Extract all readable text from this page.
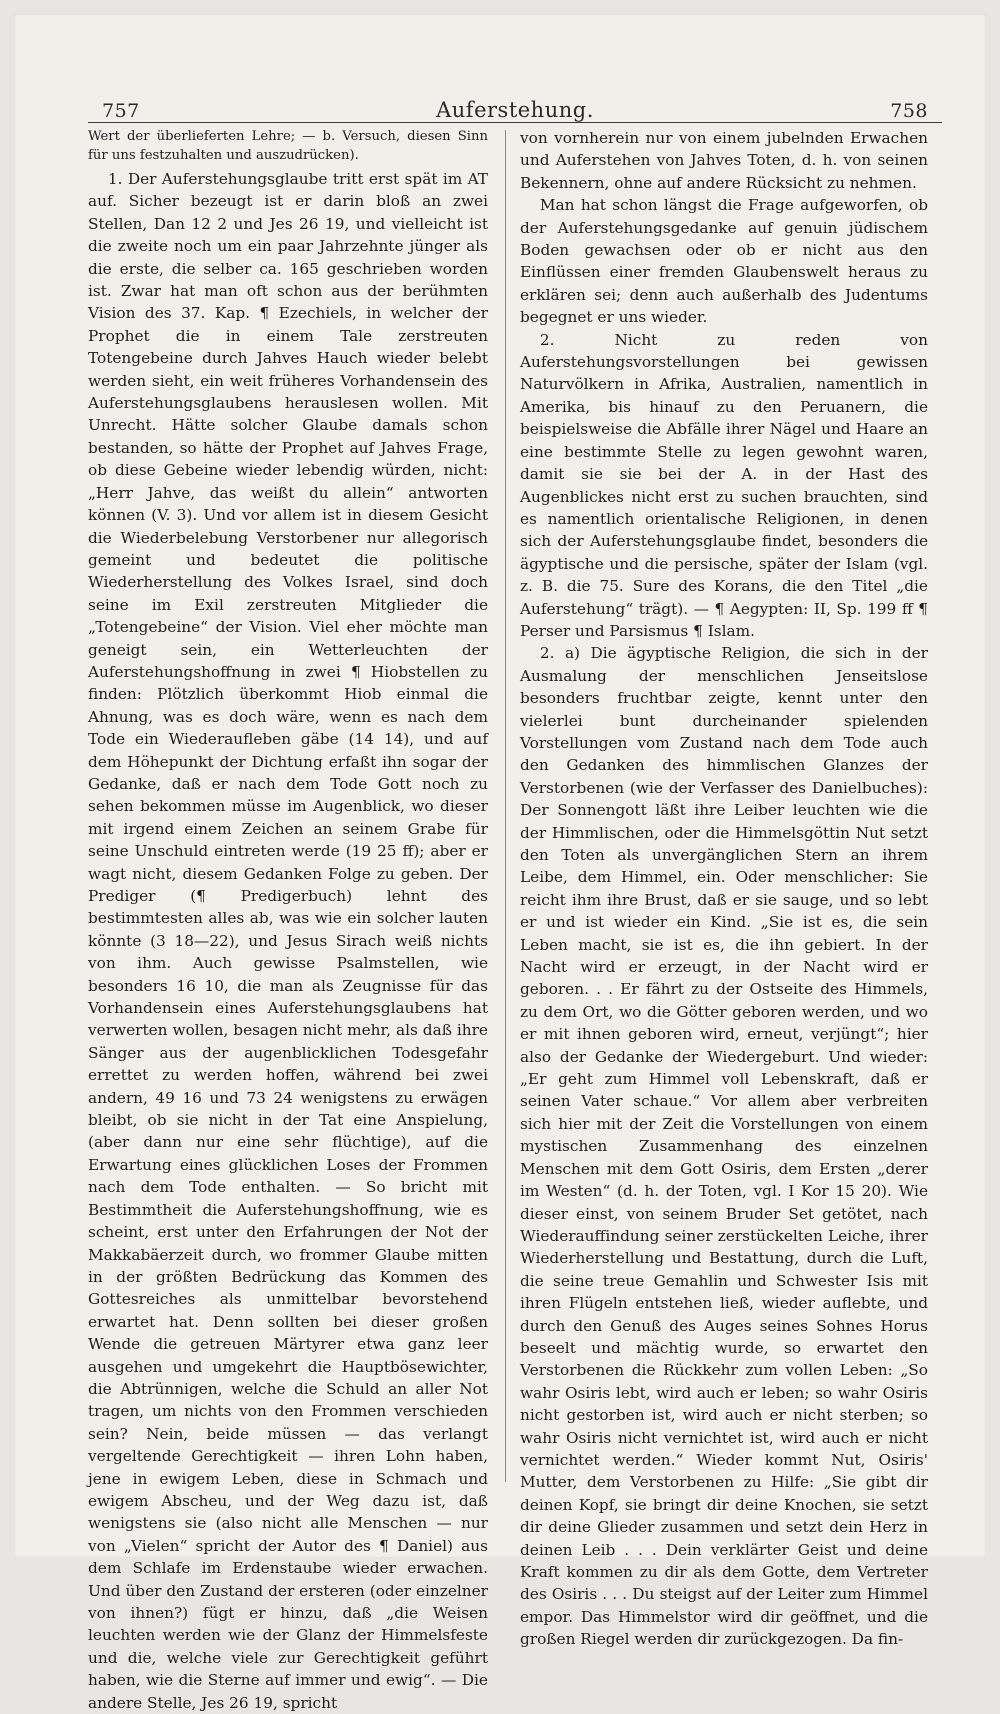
757	Auferstehung.	758

Wert der überlieferten Lehre; — b. Versuch, diesen Sinn für uns festzuhalten und auszudrücken).

1. Der Auferstehungsglaube tritt erst spät im AT auf. Sicher bezeugt ist er darin bloß an zwei Stellen, Dan 12 2 und Jes 26 19, und vielleicht ist die zweite noch um ein paar Jahrzehnte jünger als die erste, die selber ca. 165 geschrieben worden ist. Zwar hat man oft schon aus der berühmten Vision des 37. Kap. ¶ Ezechiels, in welcher der Prophet die in einem Tale zerstreuten Totengebeine durch Jahves Hauch wieder belebt werden sieht, ein weit früheres Vorhandensein des Auferstehungsglaubens herauslesen wollen. Mit Unrecht. Hätte solcher Glaube damals schon bestanden, so hätte der Prophet auf Jahves Frage, ob diese Gebeine wieder lebendig würden, nicht: „Herr Jahve, das weißt du allein“ antworten können (V. 3). Und vor allem ist in diesem Gesicht die Wiederbelebung Verstorbener nur allegorisch gemeint und bedeutet die politische Wiederherstellung des Volkes Israel, sind doch seine im Exil zerstreuten Mitglieder die „Totengebeine“ der Vision. Viel eher möchte man geneigt sein, ein Wetterleuchten der Auferstehungshoffnung in zwei ¶ Hiobstellen zu finden: Plötzlich überkommt Hiob einmal die Ahnung, was es doch wäre, wenn es nach dem Tode ein Wiederaufleben gäbe (14 14), und auf dem Höhepunkt der Dichtung erfaßt ihn sogar der Gedanke, daß er nach dem Tode Gott noch zu sehen bekommen müsse im Augenblick, wo dieser mit irgend einem Zeichen an seinem Grabe für seine Unschuld eintreten werde (19 25 ff); aber er wagt nicht, diesem Gedanken Folge zu geben. Der Prediger (¶ Predigerbuch) lehnt des bestimmtesten alles ab, was wie ein solcher lauten könnte (3 18—22), und Jesus Sirach weiß nichts von ihm. Auch gewisse Psalmstellen, wie besonders 16 10, die man als Zeugnisse für das Vorhandensein eines Auferstehungsglaubens hat verwerten wollen, besagen nicht mehr, als daß ihre Sänger aus der augenblicklichen Todesgefahr errettet zu werden hoffen, während bei zwei andern, 49 16 und 73 24 wenigstens zu erwägen bleibt, ob sie nicht in der Tat eine Anspielung, (aber dann nur eine sehr flüchtige), auf die Erwartung eines glücklichen Loses der Frommen nach dem Tode enthalten. — So bricht mit Bestimmtheit die Auferstehungshoffnung, wie es scheint, erst unter den Erfahrungen der Not der Makkabäerzeit durch, wo frommer Glaube mitten in der größten Bedrückung das Kommen des Gottesreiches als unmittelbar bevorstehend erwartet hat. Denn sollten bei dieser großen Wende die getreuen Märtyrer etwa ganz leer ausgehen und umgekehrt die Hauptbösewichter, die Abtrünnigen, welche die Schuld an aller Not tragen, um nichts von den Frommen verschieden sein? Nein, beide müssen — das verlangt vergeltende Gerechtigkeit — ihren Lohn haben, jene in ewigem Leben, diese in Schmach und ewigem Abscheu, und der Weg dazu ist, daß wenigstens sie (also nicht alle Menschen — nur von „Vielen“ spricht der Autor des ¶ Daniel) aus dem Schlafe im Erdenstaube wieder erwachen. Und über den Zustand der ersteren (oder einzelner von ihnen?) fügt er hinzu, daß „die Weisen leuchten werden wie der Glanz der Himmelsfeste und die, welche viele zur Gerechtigkeit geführt haben, wie die Sterne auf immer und ewig“. — Die andere Stelle, Jes 26 19, spricht

von vornherein nur von einem jubelnden Erwachen und Auferstehen von Jahves Toten, d. h. von seinen Bekennern, ohne auf andere Rücksicht zu nehmen.

Man hat schon längst die Frage aufgeworfen, ob der Auferstehungsgedanke auf genuin jüdischem Boden gewachsen oder ob er nicht aus den Einflüssen einer fremden Glaubenswelt heraus zu erklären sei; denn auch außerhalb des Judentums begegnet er uns wieder.

2. Nicht zu reden von Auferstehungsvorstellungen bei gewissen Naturvölkern in Afrika, Australien, namentlich in Amerika, bis hinauf zu den Peruanern, die beispielsweise die Abfälle ihrer Nägel und Haare an eine bestimmte Stelle zu legen gewohnt waren, damit sie sie bei der A. in der Hast des Augenblickes nicht erst zu suchen brauchten, sind es namentlich orientalische Religionen, in denen sich der Auferstehungsglaube findet, besonders die ägyptische und die persische, später der Islam (vgl. z. B. die 75. Sure des Korans, die den Titel „die Auferstehung“ trägt). — ¶ Aegypten: II, Sp. 199 ff ¶ Perser und Parsismus ¶ Islam.

2. a) Die ägyptische Religion, die sich in der Ausmalung der menschlichen Jenseitslose besonders fruchtbar zeigte, kennt unter den vielerlei bunt durcheinander spielenden Vorstellungen vom Zustand nach dem Tode auch den Gedanken des himmlischen Glanzes der Verstorbenen (wie der Verfasser des Danielbuches): Der Sonnengott läßt ihre Leiber leuchten wie die der Himmlischen, oder die Himmelsgöttin Nut setzt den Toten als unvergänglichen Stern an ihrem Leibe, dem Himmel, ein. Oder menschlicher: Sie reicht ihm ihre Brust, daß er sie sauge, und so lebt er und ist wieder ein Kind. „Sie ist es, die sein Leben macht, sie ist es, die ihn gebiert. In der Nacht wird er erzeugt, in der Nacht wird er geboren. . . Er fährt zu der Ostseite des Himmels, zu dem Ort, wo die Götter geboren werden, und wo er mit ihnen geboren wird, erneut, verjüngt“; hier also der Gedanke der Wiedergeburt. Und wieder: „Er geht zum Himmel voll Lebenskraft, daß er seinen Vater schaue.“ Vor allem aber verbreiten sich hier mit der Zeit die Vorstellungen von einem mystischen Zusammenhang des einzelnen Menschen mit dem Gott Osiris, dem Ersten „derer im Westen“ (d. h. der Toten, vgl. I Kor 15 20). Wie dieser einst, von seinem Bruder Set getötet, nach Wiederauffindung seiner zerstückelten Leiche, ihrer Wiederherstellung und Bestattung, durch die Luft, die seine treue Gemahlin und Schwester Isis mit ihren Flügeln entstehen ließ, wieder auflebte, und durch den Genuß des Auges seines Sohnes Horus beseelt und mächtig wurde, so erwartet den Verstorbenen die Rückkehr zum vollen Leben: „So wahr Osiris lebt, wird auch er leben; so wahr Osiris nicht gestorben ist, wird auch er nicht sterben; so wahr Osiris nicht vernichtet ist, wird auch er nicht vernichtet werden.“ Wieder kommt Nut, Osiris' Mutter, dem Verstorbenen zu Hilfe: „Sie gibt dir deinen Kopf, sie bringt dir deine Knochen, sie setzt dir deine Glieder zusammen und setzt dein Herz in deinen Leib . . . Dein verklärter Geist und deine Kraft kommen zu dir als dem Gotte, dem Vertreter des Osiris . . . Du steigst auf der Leiter zum Himmel empor. Das Himmelstor wird dir geöffnet, und die großen Riegel werden dir zurückgezogen. Da fin-
